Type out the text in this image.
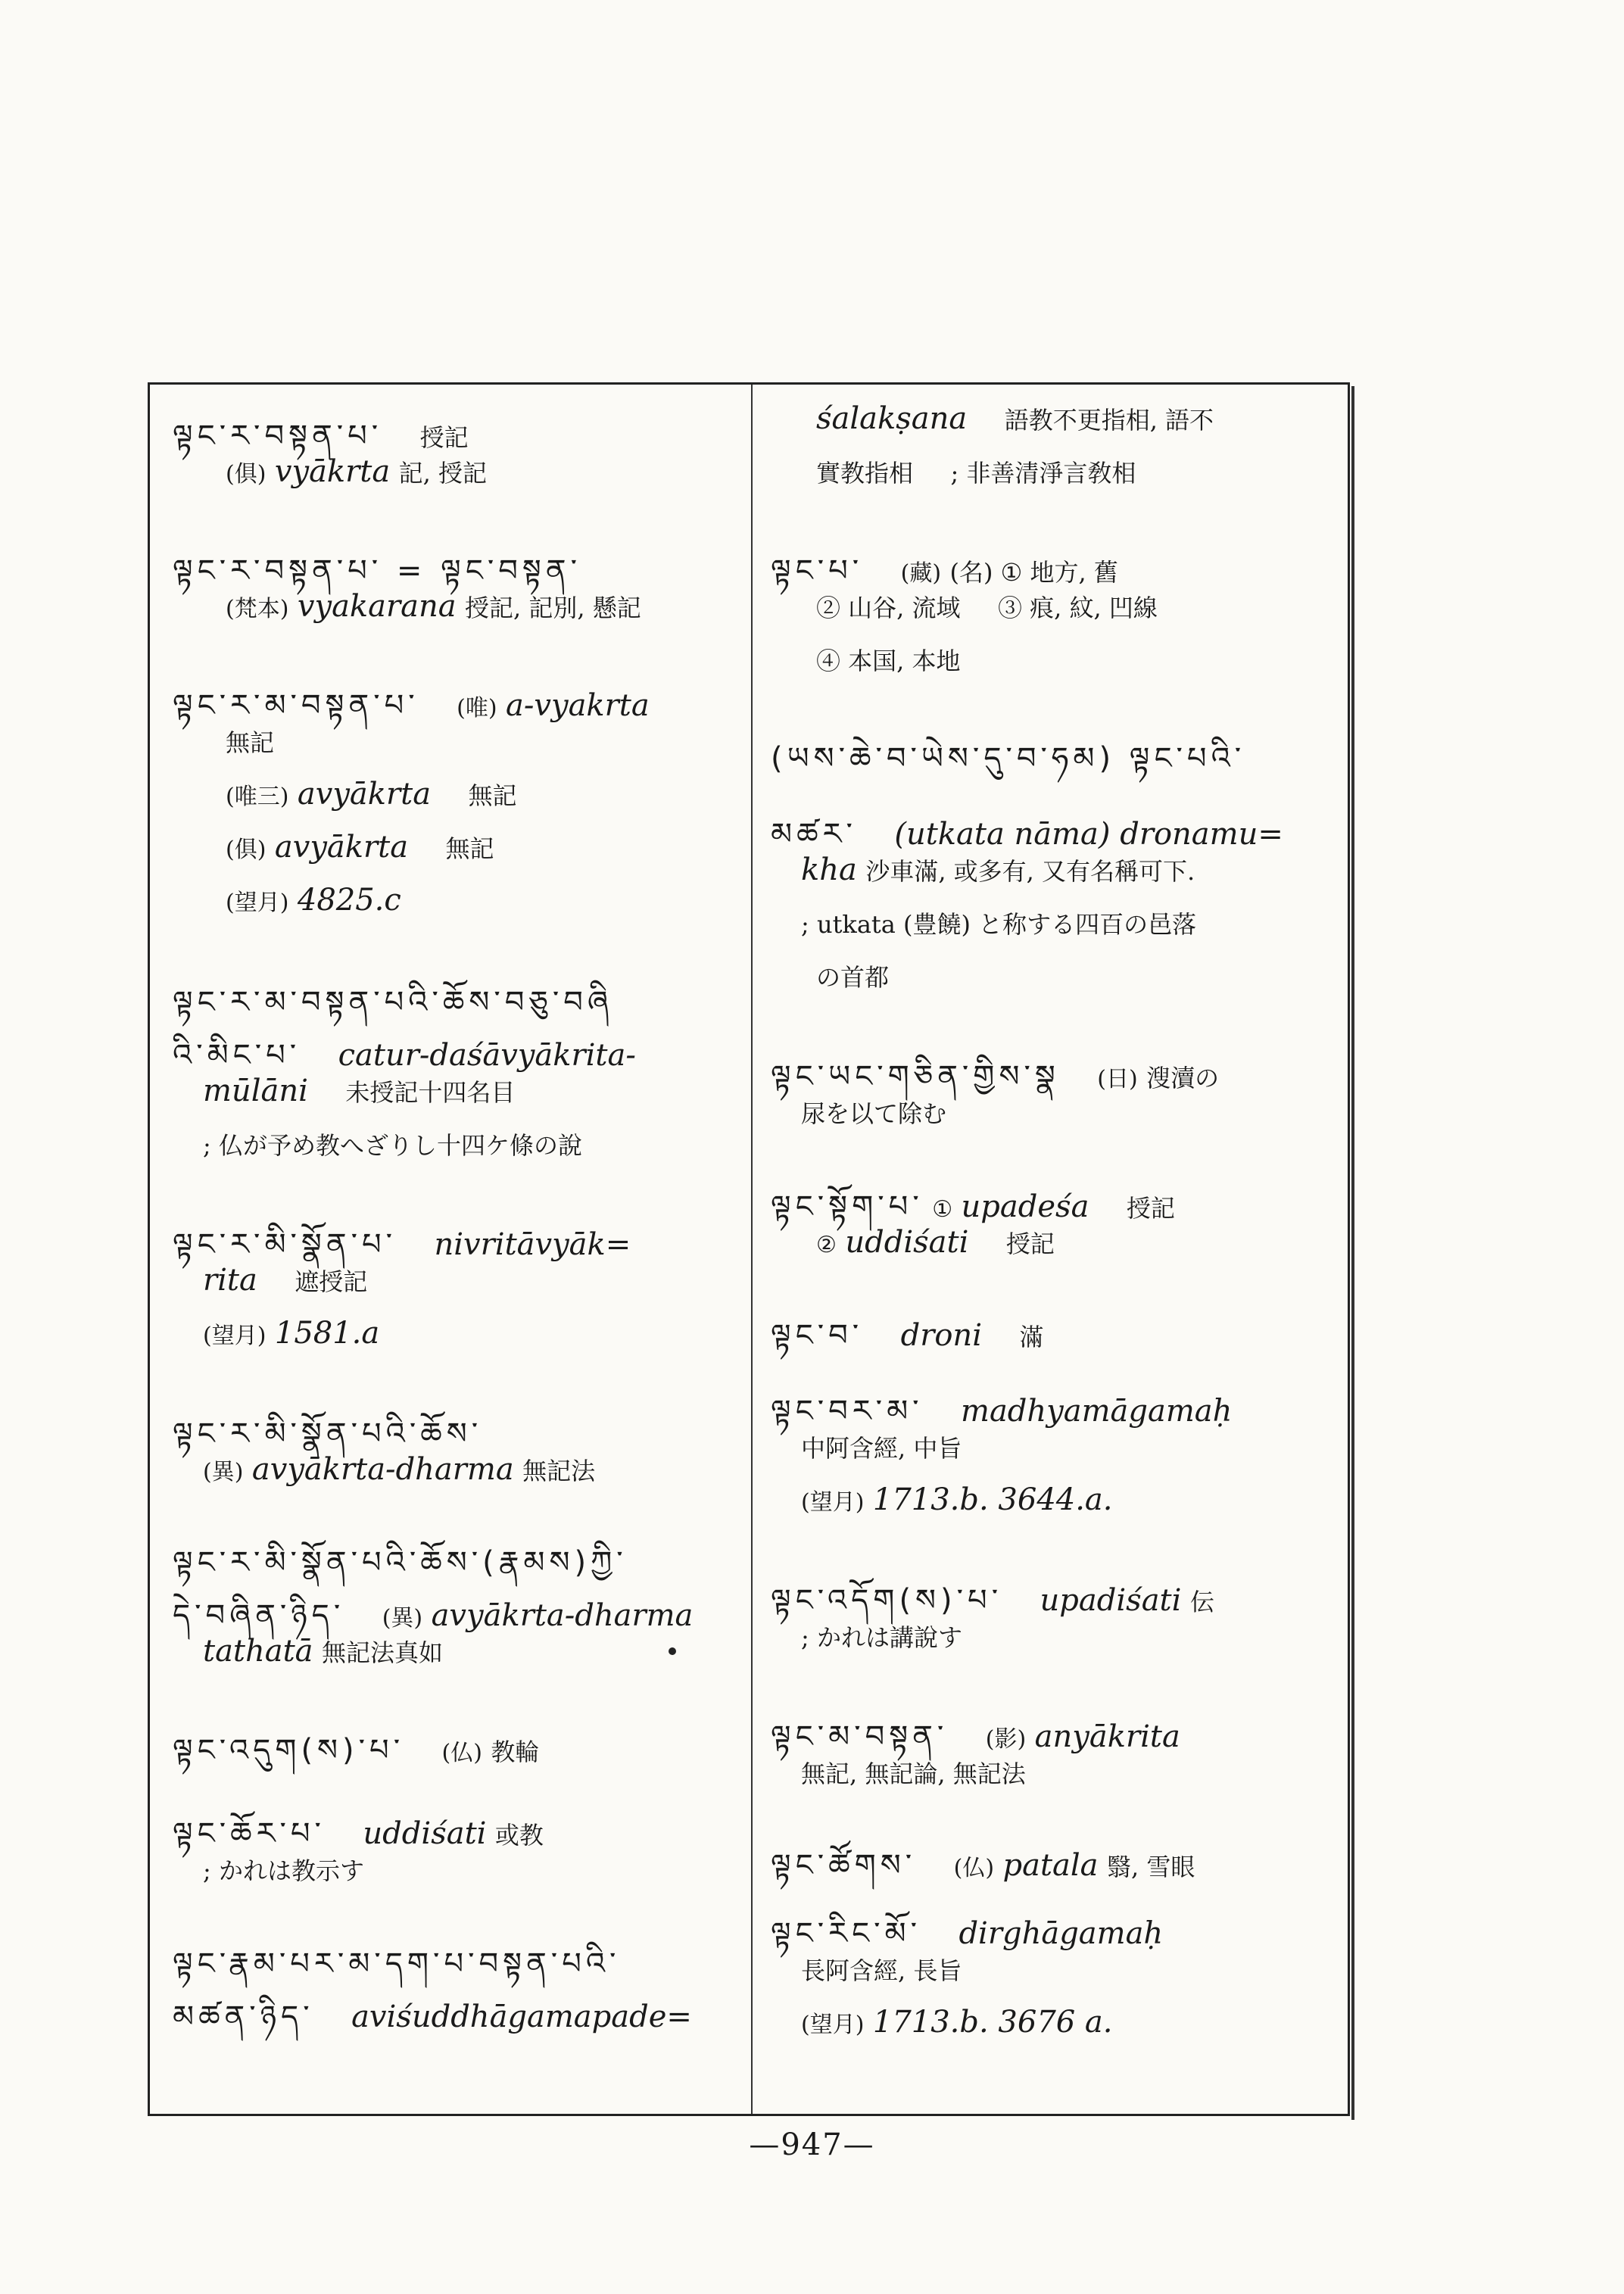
ལྟང་ར་བསྟན་པ་ 授記
(俱) vyākrta 記, 授記
ལྟང་ར་བསྟན་པ་ = ལྟང་བསྟན་
(梵本) vyakarana 授記, 記別, 懸記
ལྟང་ར་མ་བསྟན་པ་ (唯) a-vyakrta
無記
(唯三) avyākrta 無記
(俱) avyākrta 無記
(望月) 4825.c
ལྟང་ར་མ་བསྟན་པའི་ཆོས་བཅུ་བཞི
འི་མིང་པ་ catur-daśāvyākrita-
mūlāni 未授記十四名目
; 仏が予め教へざりし十四ケ條の說
ལྟང་ར་མི་སྣོན་པ་ nivritāvyāk=
rita 遮授記
(望月) 1581.a
ལྟང་ར་མི་སྣོན་པའི་ཆོས་
(異) avyākrta-dharma 無記法
ལྟང་ར་མི་སྣོན་པའི་ཆོས་(རྣམས)ཀྱི་
དེ་བཞིན་ཉིད་ (異) avyākrta-dharma
tathatā 無記法真如
ལྟང་འདུག(ས)་པ་ (仏) 教輪
ལྟང་ཆོར་པ་ uddiśati 或教
; かれは教示す
ལྟང་རྣམ་པར་མ་དག་པ་བསྟན་པའི་
མཚན་ཉིད་ aviśuddhāgamapade=
śalakṣana 語教不更指相, 語不
實教指相 ; 非善清淨言敎相
ལྟང་པ་ (藏) (名) ① 地方, 舊
② 山谷, 流域 ③ 痕, 紋, 凹線
④ 本国, 本地
(ཡས་ཆེ་བ་ཡེས་དུ་བ་ཧམ) ལྟང་པའི་
མཚར་ (utkata nāma) dronamu=
kha 沙車滿, 或多有, 又有名稱可下.
; utkata (豊饒) と称する四百の邑落
の首都
ལྟང་ཡང་གཅིན་གྱིས་སྣ (日) 溲瀆の
尿を以て除む
ལྟང་སྟོག་པ་ ① upadeśa 授記
② uddiśati 授記
ལྟང་བ་ droni 滿
ལྟང་བར་མ་ madhyamāgamaḥ
中阿含經, 中旨
(望月) 1713.b. 3644.a.
ལྟང་འདོག(ས)་པ་ upadiśati 伝
; かれは講說す
ལྟང་མ་བསྟན་ (影) anyākrita
無記, 無記論, 無記法
ལྟང་ཚོགས་ (仏) patala 翳, 雪眼
ལྟང་རིང་མོ་ dirghāgamaḥ
長阿含經, 長旨
(望月) 1713.b. 3676 a.
—947—
